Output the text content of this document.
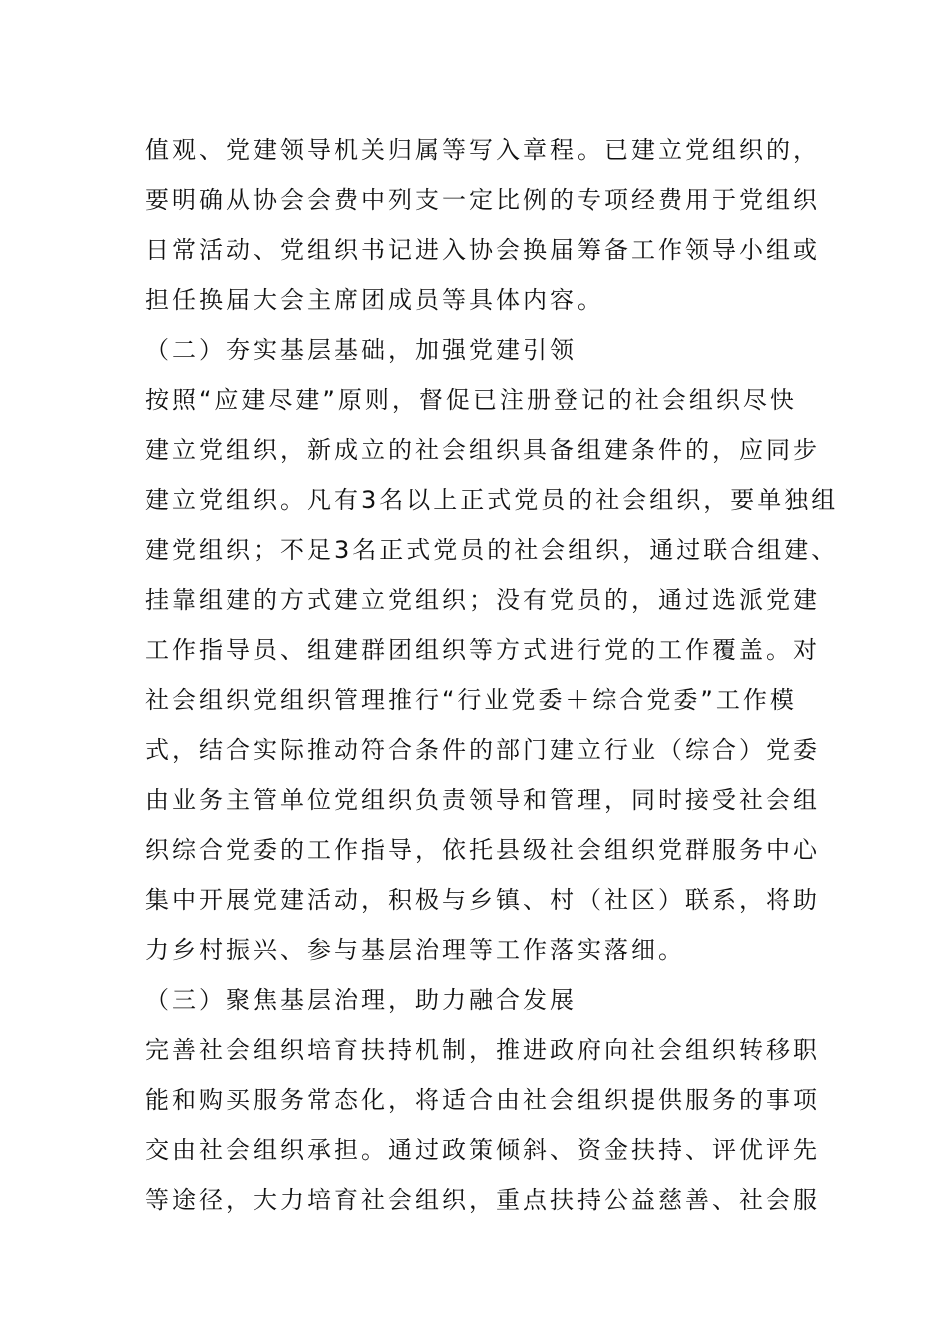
值观、党建领导机关归属等写入章程。已建立党组织的，
要明确从协会会费中列支一定比例的专项经费用于党组织
日常活动、党组织书记进入协会换届筹备工作领导小组或
担任换届大会主席团成员等具体内容。
（二）夯实基层基础，加强党建引领
按照“应建尽建”原则，督促已注册登记的社会组织尽快
建立党组织，新成立的社会组织具备组建条件的，应同步
建立党组织。凡有3名以上正式党员的社会组织，要单独组
建党组织；不足3名正式党员的社会组织，通过联合组建、
挂靠组建的方式建立党组织；没有党员的，通过选派党建
工作指导员、组建群团组织等方式进行党的工作覆盖。对
社会组织党组织管理推行“行业党委＋综合党委”工作模
式，结合实际推动符合条件的部门建立行业（综合）党委
由业务主管单位党组织负责领导和管理，同时接受社会组
织综合党委的工作指导，依托县级社会组织党群服务中心
集中开展党建活动，积极与乡镇、村（社区）联系，将助
力乡村振兴、参与基层治理等工作落实落细。
（三）聚焦基层治理，助力融合发展
完善社会组织培育扶持机制，推进政府向社会组织转移职
能和购买服务常态化，将适合由社会组织提供服务的事项
交由社会组织承担。通过政策倾斜、资金扶持、评优评先
等途径，大力培育社会组织，重点扶持公益慈善、社会服
